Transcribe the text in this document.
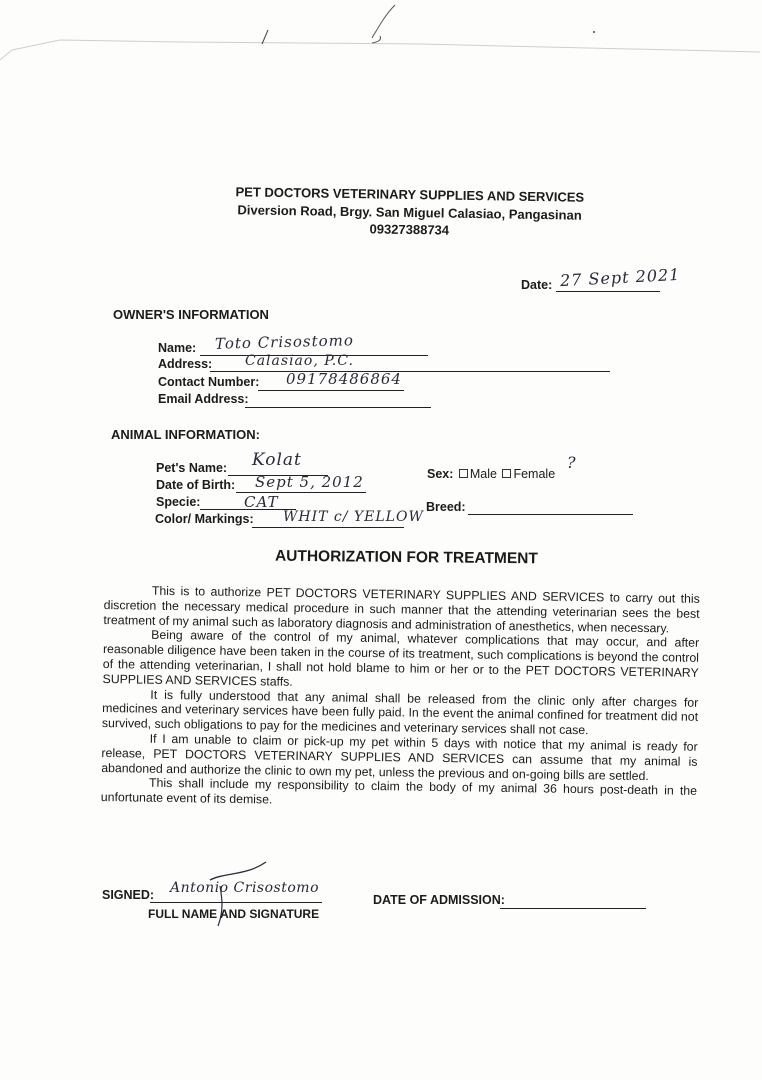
PET DOCTORS VETERINARY SUPPLIES AND SERVICES
Diversion Road, Brgy. San Miguel Calasiao, Pangasinan
09327388734
Date: 27 Sept 2021
OWNER'S INFORMATION
Name: Toto Crisostomo
Address: Calasiao, P.C.
Contact Number: 09178486864
Email Address:
ANIMAL INFORMATION:
Pet's Name: Kolat
Date of Birth: Sept 5, 2012
Specie:	CAT
Color/ Markings: WHIT c/ YELLOW
Sex: Male Female
?
Breed:
AUTHORIZATION FOR TREATMENT

This is to authorize PET DOCTORS VETERINARY SUPPLIES AND SERVICES to carry out this discretion the necessary medical procedure in such manner that the attending veterinarian sees the best treatment of my animal such as laboratory diagnosis and administration of anesthetics, when necessary.

Being aware of the control of my animal, whatever complications that may occur, and after reasonable diligence have been taken in the course of its treatment, such complications is beyond the control of the attending veterinarian, I shall not hold blame to him or her or to the PET DOCTORS VETERINARY SUPPLIES AND SERVICES staffs.

It is fully understood that any animal shall be released from the clinic only after charges for medicines and veterinary services have been fully paid. In the event the animal confined for treatment did not survived, such obligations to pay for the medicines and veterinary services shall not case.

If I am unable to claim or pick-up my pet within 5 days with notice that my animal is ready for release, PET DOCTORS VETERINARY SUPPLIES AND SERVICES can assume that my animal is abandoned and authorize the clinic to own my pet, unless the previous and on-going bills are settled.

This shall include my responsibility to claim the body of my animal 36 hours post-death in the unfortunate event of its demise.

SIGNED: Antonio Crisostomo
FULL NAME AND SIGNATURE
DATE OF ADMISSION:
